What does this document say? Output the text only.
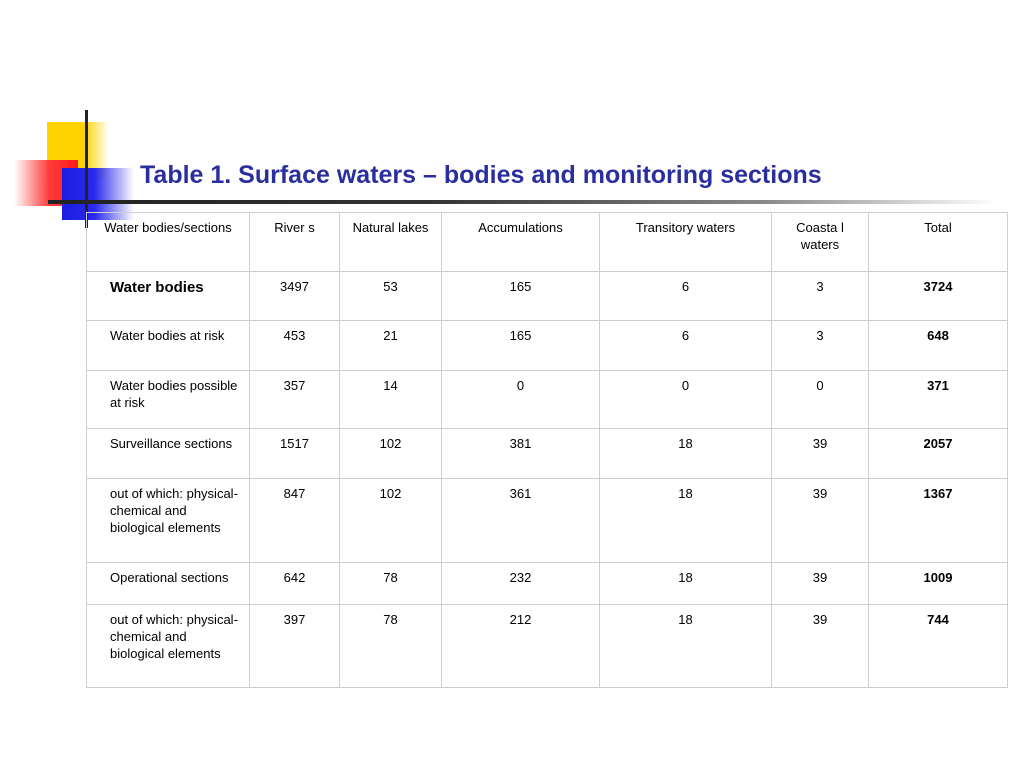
Table 1. Surface waters – bodies and monitoring sections
Water bodies/sections	River s	Natural lakes	Accumulations	Transitory waters	Coasta l waters	Total
Water bodies	3497	53	165	6	3	3724
Water bodies at risk	453	21	165	6	3	648
Water bodies possible at risk	357	14	0	0	0	371
Surveillance sections	1517	102	381	18	39	2057
out of which: physical-chemical and biological elements	847	102	361	18	39	1367
Operational sections	642	78	232	18	39	1009
out of which: physical-chemical and biological elements	397	78	212	18	39	744
